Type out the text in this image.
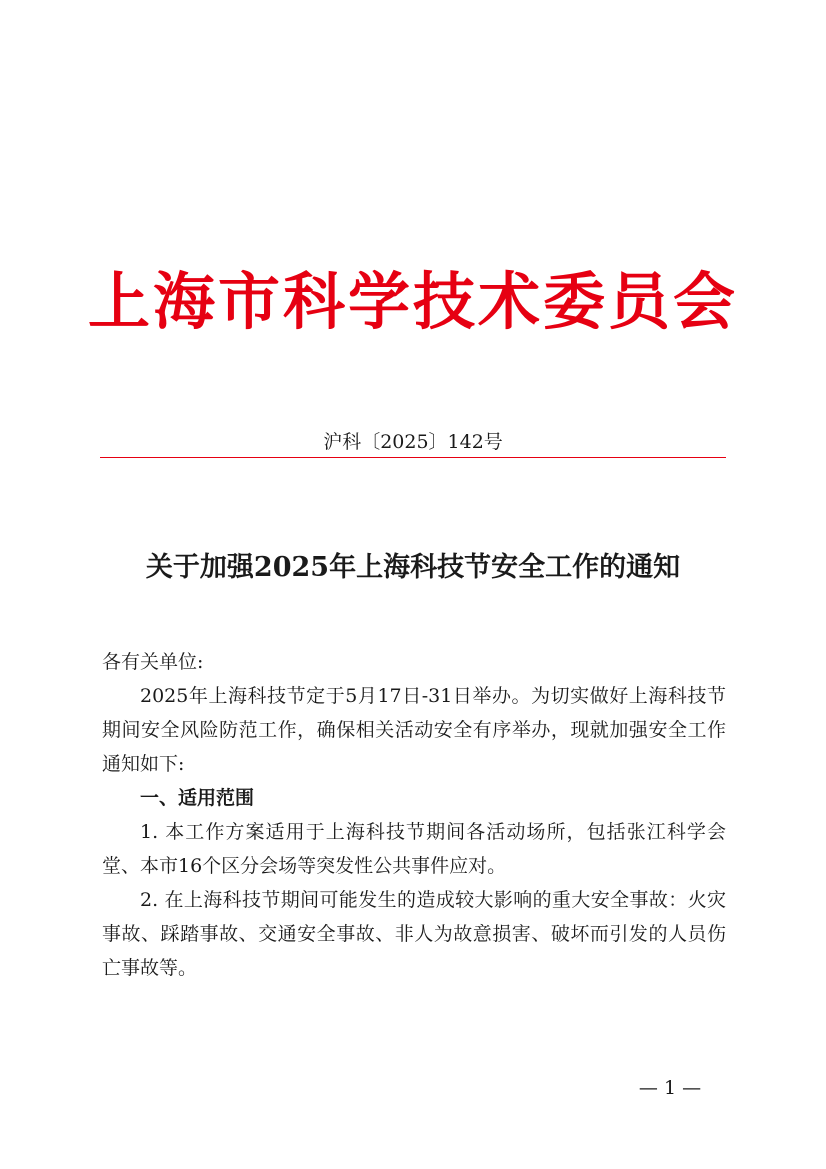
上海市科学技术委员会
沪科〔2025〕142号
关于加强2025年上海科技节安全工作的通知

各有关单位:

2025年上海科技节定于5月17日-31日举办。为切实做好上海科技节期间安全风险防范工作，确保相关活动安全有序举办，现就加强安全工作通知如下:

一、适用范围

1. 本工作方案适用于上海科技节期间各活动场所，包括张江科学会堂、本市16个区分会场等突发性公共事件应对。

2. 在上海科技节期间可能发生的造成较大影响的重大安全事故：火灾事故、踩踏事故、交通安全事故、非人为故意损害、破坏而引发的人员伤亡事故等。

— 1 —
